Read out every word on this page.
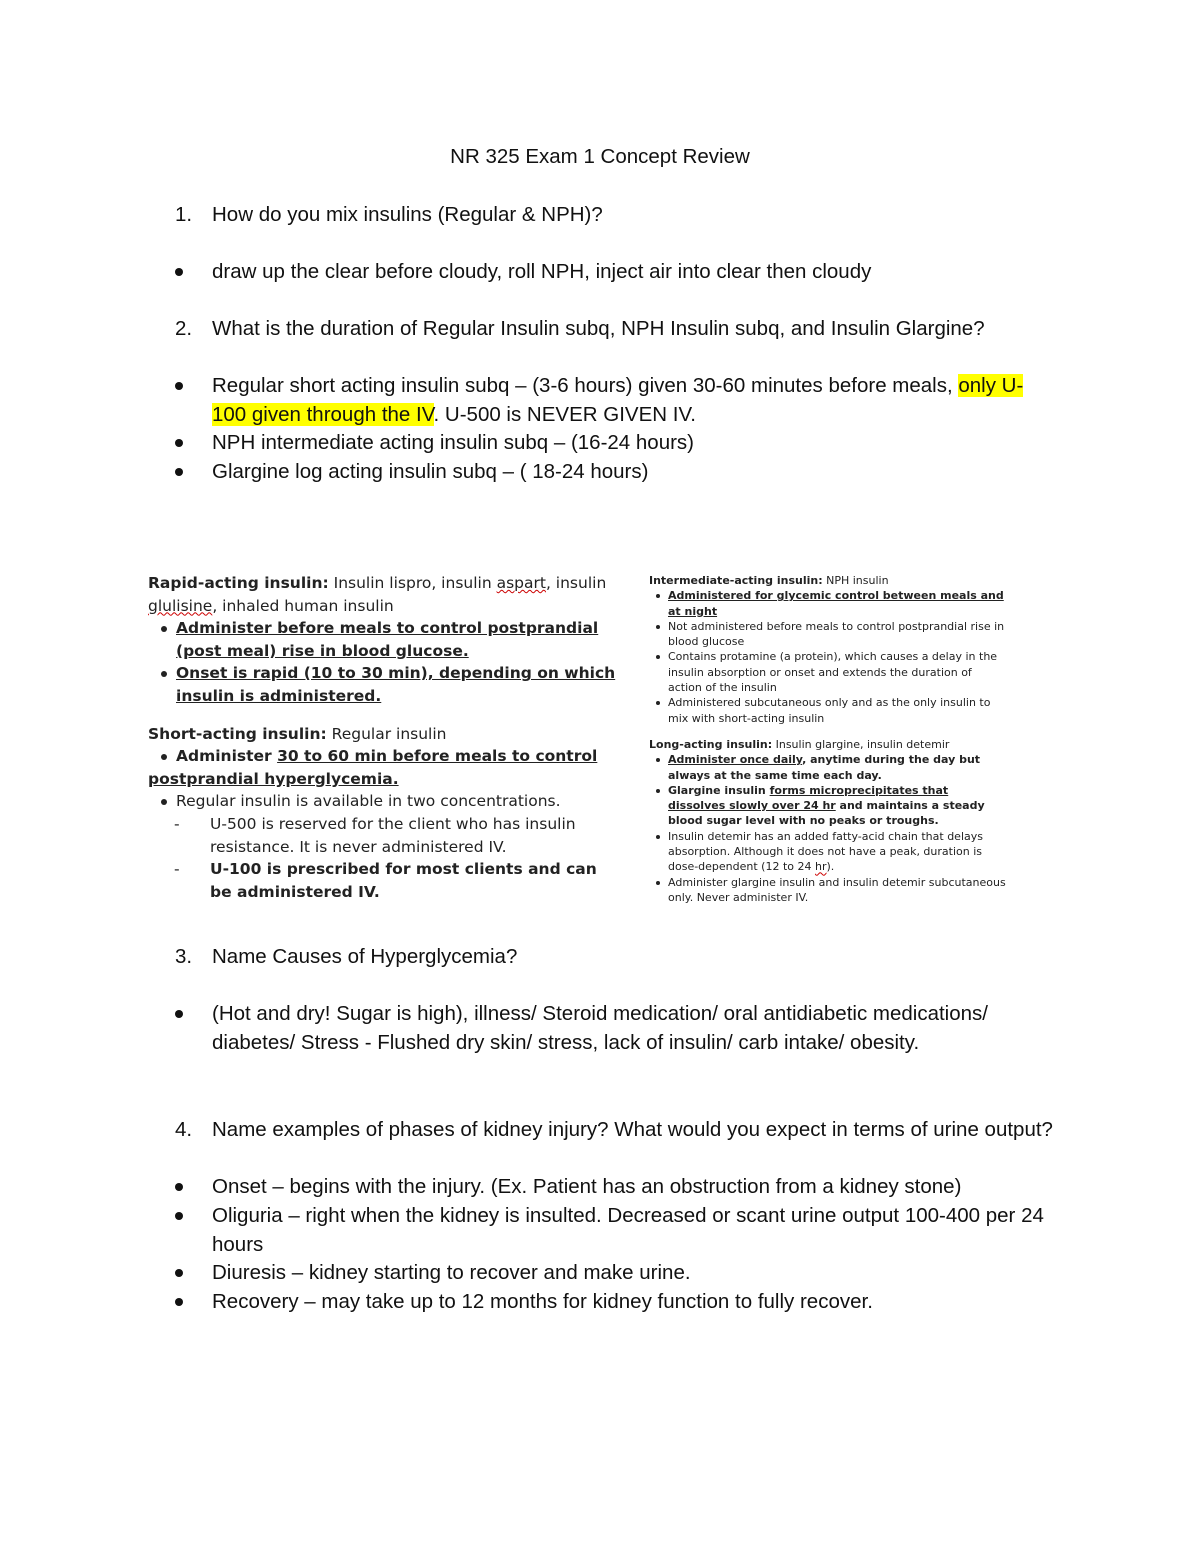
NR 325 Exam 1 Concept Review
1. How do you mix insulins (Regular & NPH)?
draw up the clear before cloudy, roll NPH, inject air into clear then cloudy
2. What is the duration of Regular Insulin subq, NPH Insulin subq, and Insulin Glargine?
Regular short acting insulin subq – (3-6 hours) given 30-60 minutes before meals, only U-100 given through the IV. U-500 is NEVER GIVEN IV.
NPH intermediate acting insulin subq – (16-24 hours)
Glargine log acting insulin subq – ( 18-24 hours)
Rapid-acting insulin: Insulin lispro, insulin aspart, insulin glulisine, inhaled human insulin
Administer before meals to control postprandial (post meal) rise in blood glucose.
Onset is rapid (10 to 30 min), depending on which insulin is administered.
Short-acting insulin: Regular insulin
Administer 30 to 60 min before meals to control
postprandial hyperglycemia.
Regular insulin is available in two concentrations.
- U-500 is reserved for the client who has insulin resistance. It is never administered IV.
- U-100 is prescribed for most clients and can be administered IV.
Intermediate-acting insulin: NPH insulin
Administered for glycemic control between meals and at night
Not administered before meals to control postprandial rise in blood glucose
Contains protamine (a protein), which causes a delay in the insulin absorption or onset and extends the duration of action of the insulin
Administered subcutaneous only and as the only insulin to mix with short-acting insulin
Long-acting insulin: Insulin glargine, insulin detemir
Administer once daily, anytime during the day but always at the same time each day.
Glargine insulin forms microprecipitates that dissolves slowly over 24 hr and maintains a steady blood sugar level with no peaks or troughs.
Insulin detemir has an added fatty-acid chain that delays absorption. Although it does not have a peak, duration is dose-dependent (12 to 24 hr).
Administer glargine insulin and insulin detemir subcutaneous only. Never administer IV.
3. Name Causes of Hyperglycemia?
(Hot and dry! Sugar is high), illness/ Steroid medication/ oral antidiabetic medications/ diabetes/ Stress - Flushed dry skin/ stress, lack of insulin/ carb intake/ obesity.
4. Name examples of phases of kidney injury? What would you expect in terms of urine output?
Onset – begins with the injury. (Ex. Patient has an obstruction from a kidney stone)
Oliguria – right when the kidney is insulted. Decreased or scant urine output 100-400 per 24 hours
Diuresis – kidney starting to recover and make urine.
Recovery – may take up to 12 months for kidney function to fully recover.
